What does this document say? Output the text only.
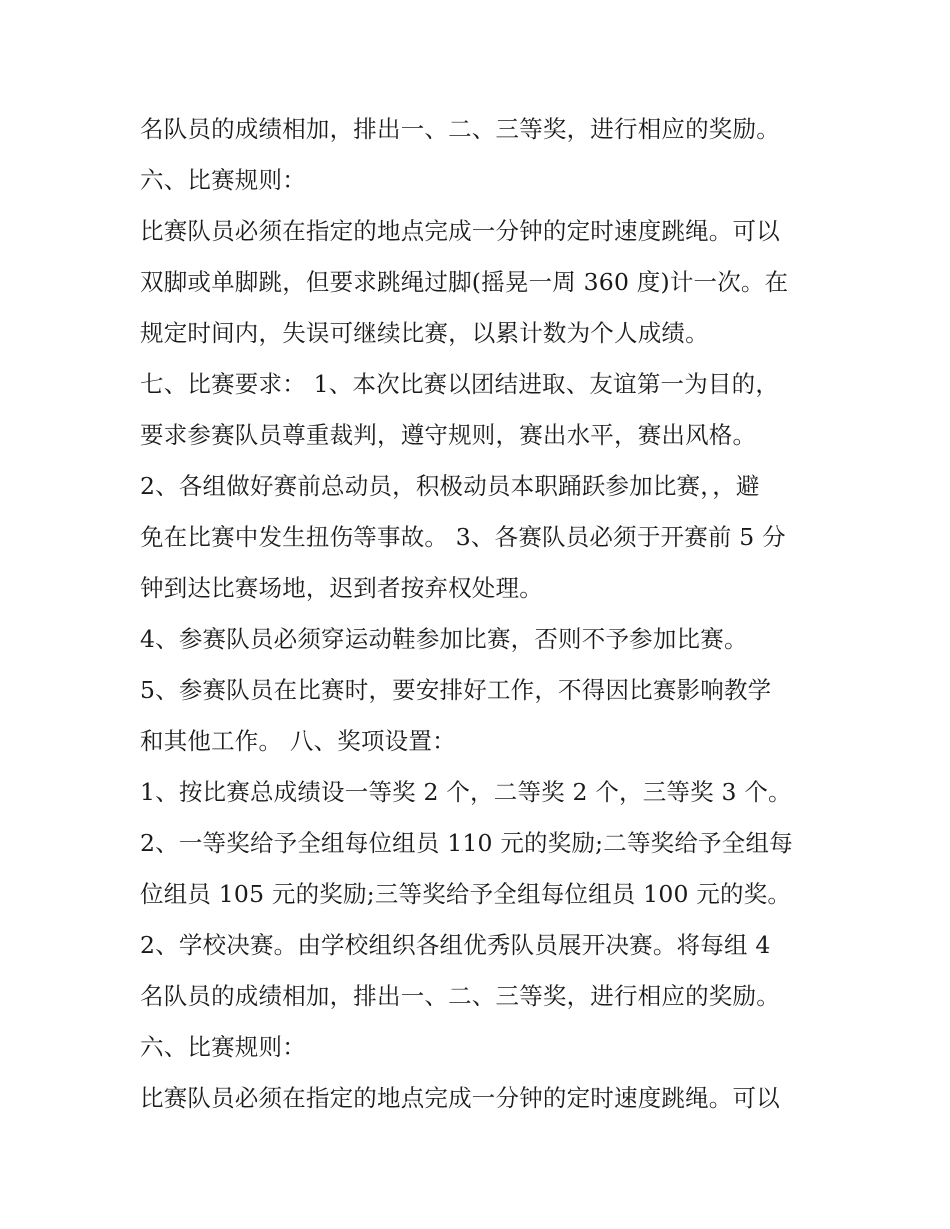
名队员的成绩相加，排出一、二、三等奖，进行相应的奖励。
六、比赛规则：
比赛队员必须在指定的地点完成一分钟的定时速度跳绳。可以
双脚或单脚跳，但要求跳绳过脚(摇晃一周 360 度)计一次。在
规定时间内，失误可继续比赛，以累计数为个人成绩。
七、比赛要求： 1、本次比赛以团结进取、友谊第一为目的，
要求参赛队员尊重裁判，遵守规则，赛出水平，赛出风格。
2、各组做好赛前总动员，积极动员本职踊跃参加比赛，，避
免在比赛中发生扭伤等事故。 3、各赛队员必须于开赛前 5 分
钟到达比赛场地，迟到者按弃权处理。
4、参赛队员必须穿运动鞋参加比赛，否则不予参加比赛。
5、参赛队员在比赛时，要安排好工作，不得因比赛影响教学
和其他工作。 八、奖项设置：
1、按比赛总成绩设一等奖 2 个，二等奖 2 个，三等奖 3 个。
2、一等奖给予全组每位组员 110 元的奖励;二等奖给予全组每
位组员 105 元的奖励;三等奖给予全组每位组员 100 元的奖。
2、学校决赛。由学校组织各组优秀队员展开决赛。将每组 4
名队员的成绩相加，排出一、二、三等奖，进行相应的奖励。
六、比赛规则：
比赛队员必须在指定的地点完成一分钟的定时速度跳绳。可以
